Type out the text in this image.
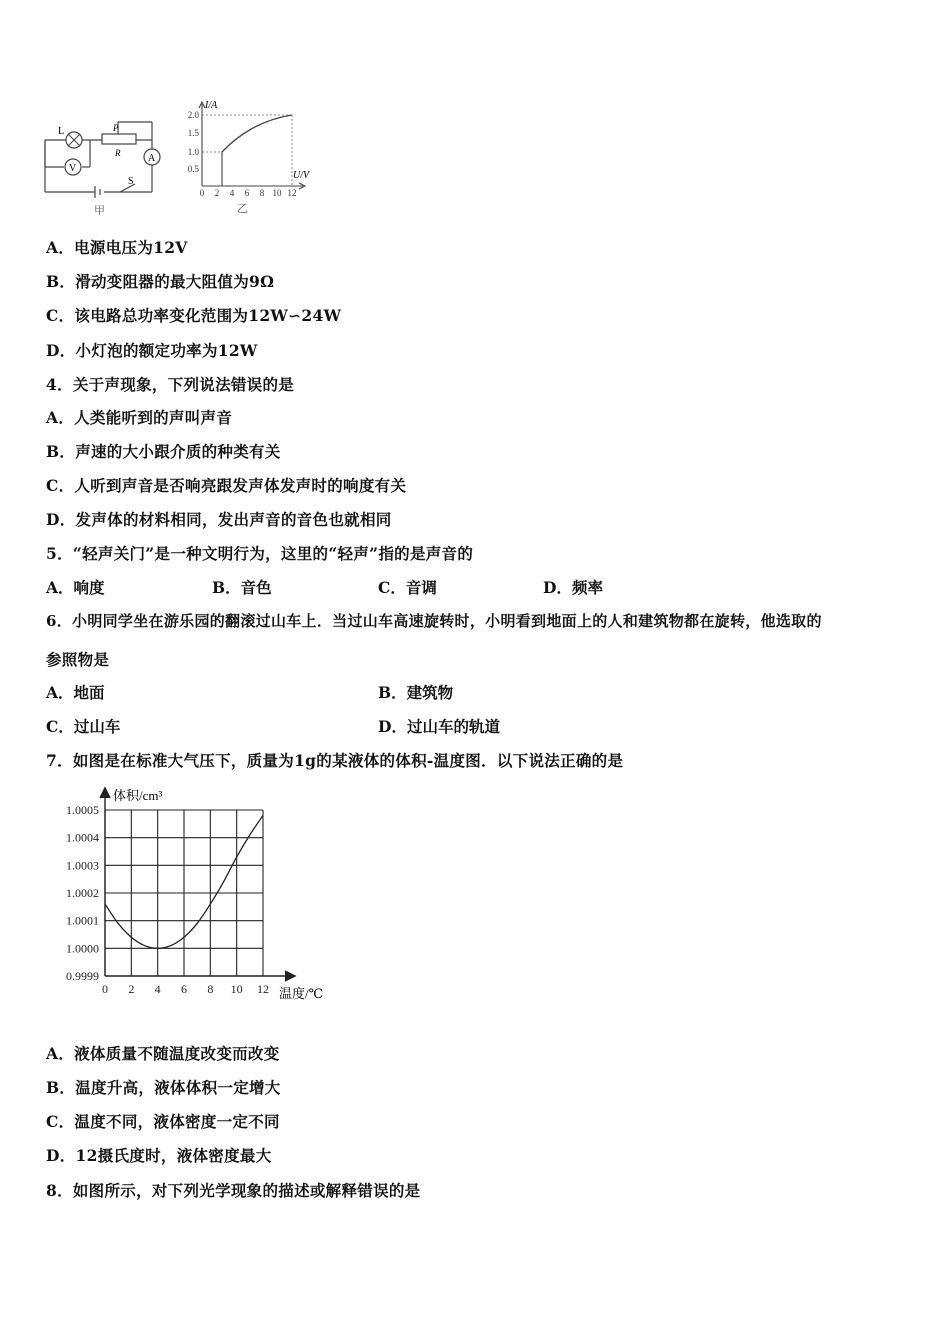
L
V
P
R	A
S
甲
I/A
U/V
2.0
1.5
1.0
0.5
0 2 4 6 8 10 12
乙
A．电源电压为12V
B．滑动变阻器的最大阻值为9Ω
C．该电路总功率变化范围为12W∽24W
D．小灯泡的额定功率为12W
4．关于声现象，下列说法错误的是
A．人类能听到的声叫声音
B．声速的大小跟介质的种类有关
C．人听到声音是否响亮跟发声体发声时的响度有关
D．发声体的材料相同，发出声音的音色也就相同
5．“轻声关门”是一种文明行为，这里的“轻声”指的是声音的
A．响度	B．音色	C．音调	D．频率
6．小明同学坐在游乐园的翻滚过山车上．当过山车高速旋转时，小明看到地面上的人和建筑物都在旋转，他选取的
参照物是
A．地面	B．建筑物
C．过山车	D．过山车的轨道
7．如图是在标准大气压下，质量为1g的某液体的体积-温度图．以下说法正确的是
1.0005
1.0004
1.0003
1.0002
1.0001
1.0000
0.9999
0 2 4 6 8 10 12
体积/cm³
温度/℃
A．液体质量不随温度改变而改变
B．温度升高，液体体积一定增大
C．温度不同，液体密度一定不同
D．12摄氏度时，液体密度最大
8．如图所示，对下列光学现象的描述或解释错误的是
